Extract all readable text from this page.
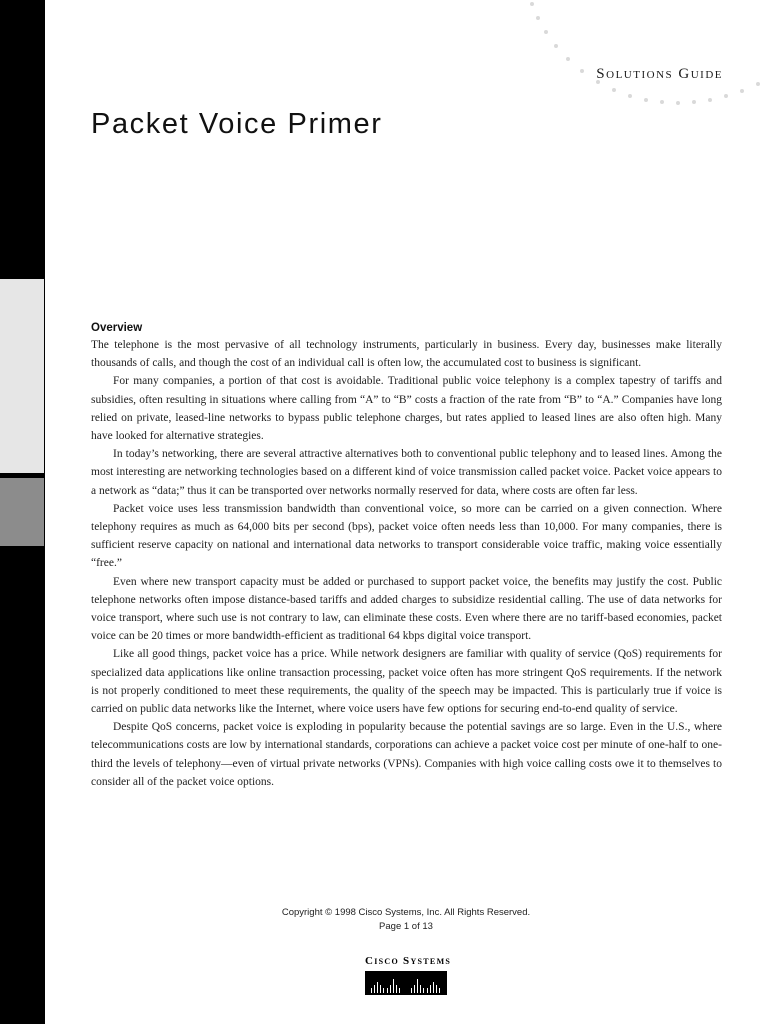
Solutions Guide
Packet Voice Primer
Overview

The telephone is the most pervasive of all technology instruments, particularly in business. Every day, businesses make literally thousands of calls, and though the cost of an individual call is often low, the accumulated cost to business is significant.

For many companies, a portion of that cost is avoidable. Traditional public voice telephony is a complex tapestry of tariffs and subsidies, often resulting in situations where calling from “A” to “B” costs a fraction of the rate from “B” to “A.” Companies have long relied on private, leased-line networks to bypass public telephone charges, but rates applied to leased lines are also often high. Many have looked for alternative strategies.

In today’s networking, there are several attractive alternatives both to conventional public telephony and to leased lines. Among the most interesting are networking technologies based on a different kind of voice transmission called packet voice. Packet voice appears to a network as “data;” thus it can be transported over networks normally reserved for data, where costs are often far less.

Packet voice uses less transmission bandwidth than conventional voice, so more can be carried on a given connection. Where telephony requires as much as 64,000 bits per second (bps), packet voice often needs less than 10,000. For many companies, there is sufficient reserve capacity on national and international data networks to transport considerable voice traffic, making voice essentially “free.”

Even where new transport capacity must be added or purchased to support packet voice, the benefits may justify the cost. Public telephone networks often impose distance-based tariffs and added charges to subsidize residential calling. The use of data networks for voice transport, where such use is not contrary to law, can eliminate these costs. Even where there are no tariff-based economies, packet voice can be 20 times or more bandwidth-efficient as traditional 64 kbps digital voice transport.

Like all good things, packet voice has a price. While network designers are familiar with quality of service (QoS) requirements for specialized data applications like online transaction processing, packet voice often has more stringent QoS requirements. If the network is not properly conditioned to meet these requirements, the quality of the speech may be impacted. This is particularly true if voice is carried on public data networks like the Internet, where voice users have few options for securing end-to-end quality of service.

Despite QoS concerns, packet voice is exploding in popularity because the potential savings are so large. Even in the U.S., where telecommunications costs are low by international standards, corporations can achieve a packet voice cost per minute of one-half to one-third the levels of telephony—even of virtual private networks (VPNs). Companies with high voice calling costs owe it to themselves to consider all of the packet voice options.

Copyright © 1998 Cisco Systems, Inc. All Rights Reserved.
Page 1 of 13
Cisco Systems
